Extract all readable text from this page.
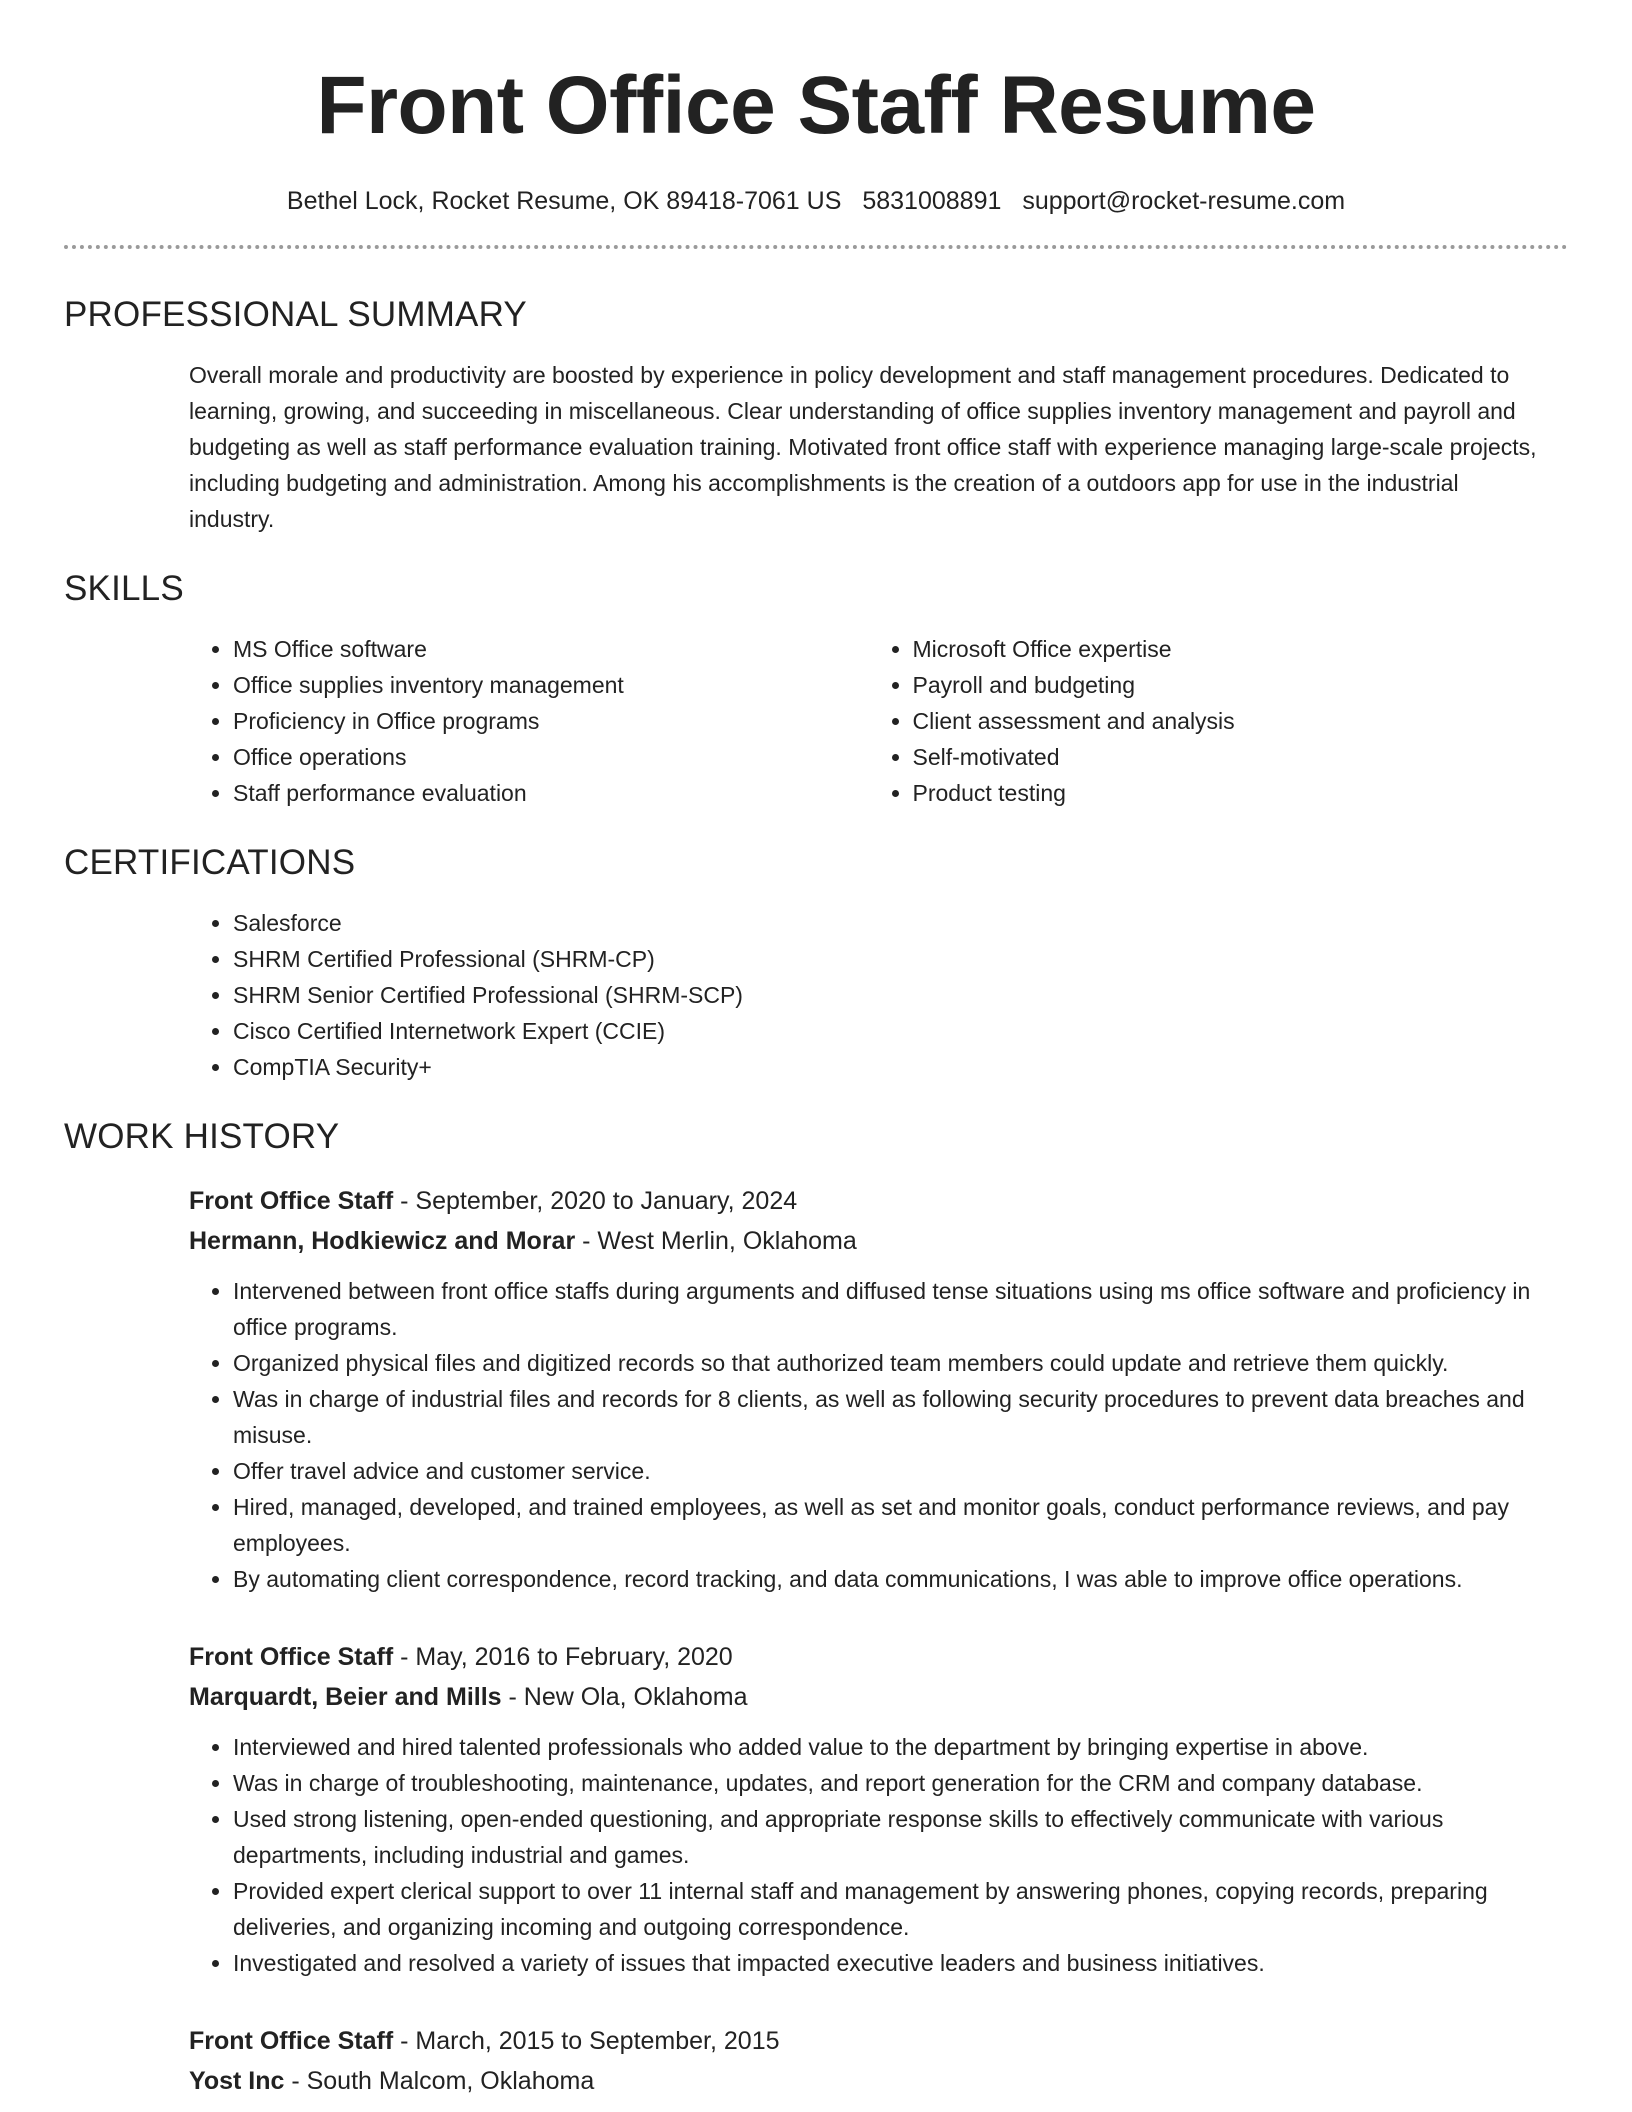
Front Office Staff Resume
Bethel Lock, Rocket Resume, OK 89418-7061 US 5831008891 support@rocket-resume.com
PROFESSIONAL SUMMARY

Overall morale and productivity are boosted by experience in policy development and staff management procedures. Dedicated to learning, growing, and succeeding in miscellaneous. Clear understanding of office supplies inventory management and payroll and budgeting as well as staff performance evaluation training. Motivated front office staff with experience managing large-scale projects, including budgeting and administration. Among his accomplishments is the creation of a outdoors app for use in the industrial industry.

SKILLS
• MS Office software
• Office supplies inventory management
• Proficiency in Office programs
• Office operations
• Staff performance evaluation
• Microsoft Office expertise
• Payroll and budgeting
• Client assessment and analysis
• Self-motivated
• Product testing
CERTIFICATIONS
• Salesforce
• SHRM Certified Professional (SHRM-CP)
• SHRM Senior Certified Professional (SHRM-SCP)
• Cisco Certified Internetwork Expert (CCIE)
• CompTIA Security+
WORK HISTORY
Front Office Staff - September, 2020 to January, 2024
Hermann, Hodkiewicz and Morar - West Merlin, Oklahoma
• Intervened between front office staffs during arguments and diffused tense situations using ms office software and proficiency in office programs.
• Organized physical files and digitized records so that authorized team members could update and retrieve them quickly.
• Was in charge of industrial files and records for 8 clients, as well as following security procedures to prevent data breaches and misuse.
• Offer travel advice and customer service.
• Hired, managed, developed, and trained employees, as well as set and monitor goals, conduct performance reviews, and pay employees.
• By automating client correspondence, record tracking, and data communications, I was able to improve office operations.
Front Office Staff - May, 2016 to February, 2020
Marquardt, Beier and Mills - New Ola, Oklahoma
• Interviewed and hired talented professionals who added value to the department by bringing expertise in above.
• Was in charge of troubleshooting, maintenance, updates, and report generation for the CRM and company database.
• Used strong listening, open-ended questioning, and appropriate response skills to effectively communicate with various departments, including industrial and games.
• Provided expert clerical support to over 11 internal staff and management by answering phones, copying records, preparing deliveries, and organizing incoming and outgoing correspondence.
• Investigated and resolved a variety of issues that impacted executive leaders and business initiatives.
Front Office Staff - March, 2015 to September, 2015
Yost Inc - South Malcom, Oklahoma
